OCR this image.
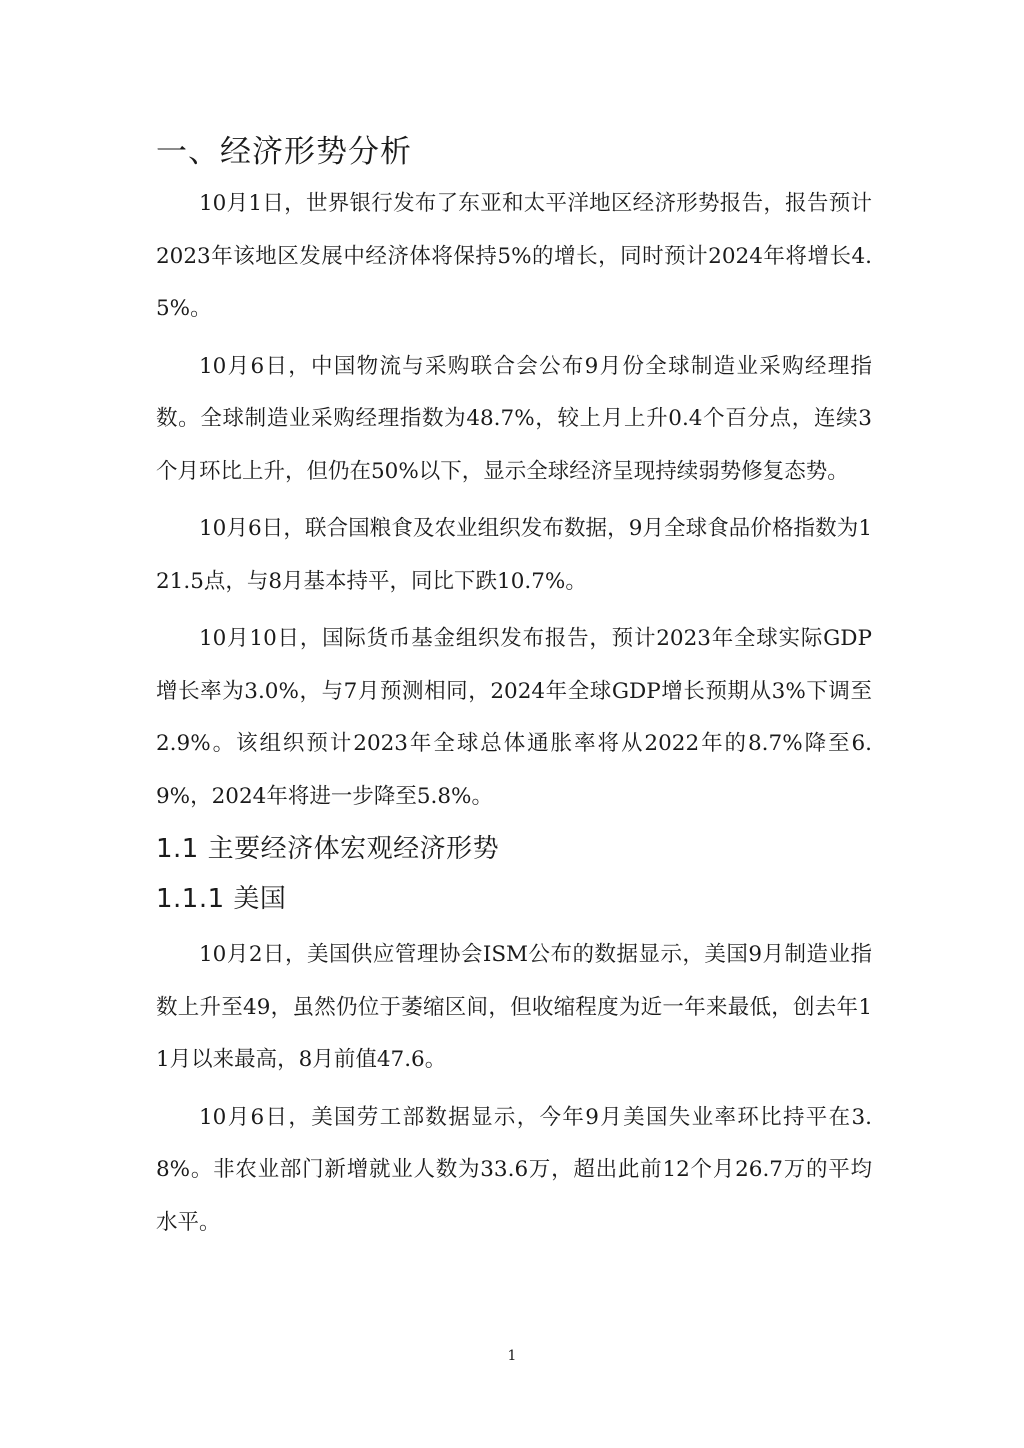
一、经济形势分析

10月1日，世界银行发布了东亚和太平洋地区经济形势报告，报告预计2023年该地区发展中经济体将保持5%的增长，同时预计2024年将增长4.5%。

10月6日，中国物流与采购联合会公布9月份全球制造业采购经理指数。全球制造业采购经理指数为48.7%，较上月上升0.4个百分点，连续3个月环比上升，但仍在50%以下，显示全球经济呈现持续弱势修复态势。

10月6日，联合国粮食及农业组织发布数据，9月全球食品价格指数为121.5点，与8月基本持平，同比下跌10.7%。

10月10日，国际货币基金组织发布报告，预计2023年全球实际GDP增长率为3.0%，与7月预测相同，2024年全球GDP增长预期从3%下调至2.9%。该组织预计2023年全球总体通胀率将从2022年的8.7%降至6.9%，2024年将进一步降至5.8%。

1.1 主要经济体宏观经济形势
1.1.1 美国

10月2日，美国供应管理协会ISM公布的数据显示，美国9月制造业指数上升至49，虽然仍位于萎缩区间，但收缩程度为近一年来最低，创去年11月以来最高，8月前值47.6。

10月6日，美国劳工部数据显示，今年9月美国失业率环比持平在3.8%。非农业部门新增就业人数为33.6万，超出此前12个月26.7万的平均水平。

1
